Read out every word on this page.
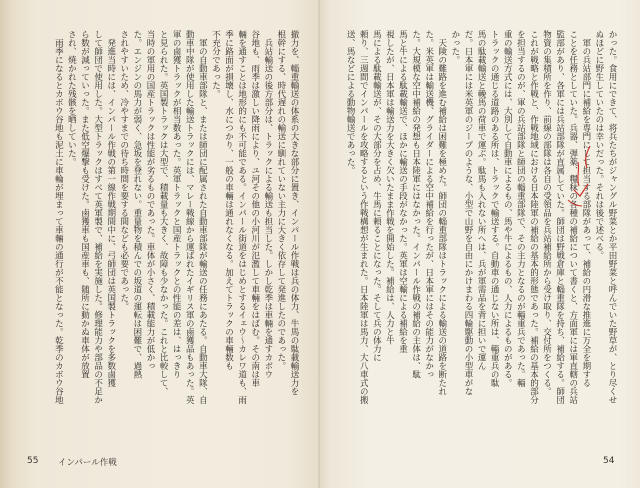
撤力を、輜重輸送の体系の大きな部分に置き、インパール作戦は兵の体力、牛馬の駄載輸送力を
根幹にする、時代遅れの輸送に馴れていない主力に大きく依存して発進したのであった。
　兵站輸送の後方部分は、トラックによる輸送も担当した。しかし乾季は車輛を通すカボウ
谷地も、雨季は激しい降雨により、ユ河その他の小河川が氾濫して車輛をはばむ。その南は車
輛を通すことは地形的にも不可能である。インパール街道をはじめとするイェウ〜カレワ道も、雨
季に路面が損壊し、水につかり、一般の車輛は通れなくなる。加えてトラックの車輛数も
不充分であった。
　軍の自動車部隊と、または師団に配属された自動車部隊が輸送の任務にあたる。自動車大隊、自
動車中隊が使用した輸送トラックには、マレー戦線から運ばれたイギリス軍の鹵獲品もあった。英
軍の鹵獲トラックが相当数あった。英軍トラックと国産トラックとの性能の差は、はっきり
と見られた。英国製トラックは大型で、積載量も大きく、故障も少なかった。これと比較して、
当時の軍用の国産トラックは性能が劣るものであった。車体が小さく、積載能力が低かっ
た。エンジンの馬力が弱く、急坂を登れない。重量物を積んでの坂道の運転は困難で、過熱
されやすいため、冷やすまでの待ち時間を要する間なども必要であった。
　発進当時には、インパール作戦の第一線作戦期間中に、弓師団は英国製トラックを多数鹵獲
して師団で使用した。大型トラックはすべて英軍製で、補給を実施した。修理能力や部品の不足か
ら数が減っていった。また低空爆撃も受けた。鹵獲車も国産車も、随所に動かぬ車体が放置
され、焼かれた残骸を晒していた。
　雨季になるとカボウ谷地も泥土に車輪が埋まって車輛の通行が不能となった。乾季のカボウ谷地	かった。食用にできて、将兵たちがジャングル野菜とか平田野菜と呼んでいた野草が、とり尽くせ
ぬほどに野生していたのは幸いだった。それは後で述べる。
　軍の兵站部門に補給を専門にして担当する部隊があって、補給の円滑な推進に万全を期する
ことを任務としていた。兵器、弾薬、糧秣の各種の補給について書くと、方面軍には軍直轄の兵站
監部があり、各軍には兵站部隊が直属していた。師団は野戦倉庫と輜重隊を持ち、補給する。師団
物資の集積所を作り、前線の部隊は各自の受領品を兵站補給所から受け取り、交付所をつくる。
これが戦略と作戦と、作戦地域における日本陸軍の補給の基本的形態であった。補給の基本的部分
を担当するのが、軍の兵站部隊と師団の輜重部隊で、その主力となるのが輜重兵であった。輜
重の輸送方式には、大別して自動車によるもの、馬や牛によるもの、人力によるものがある。
トラックの通じる道路のある所は、トラックで輸送する。自動車の通じない所は、輜重兵の駄
馬の駄載輸送と輓馬の荷車で運ぶ。駄馬も入れない所へは、兵が軍需品を背に担いで運ん
だ。日本軍には米英軍のジープのような、小型で山野を自由にかけまわる四輪駆動の小型車がな
かった。
　天険の難路を進む補給は困難を極めた。師団の輜重部隊はトラックによる輸送の道路を断たれ
た。米英軍は輸送機、グライダーによる空中補給を行ったが、日本軍にはその能力がなかっ
た。大規模な空中補給の発想も日本陸軍にはなかった。インパール作戦の補給の主体は、駄
馬と牛による駄載輸送で、ほかに輸送の手段がなかった。英軍は空輸による補給を重
視したが、日本軍は輸送力を大きく欠いたまま作戦を開始した。補給は、人力と牛
馬による駄載輸送が、その大部分を占め、牛馬に頼ることになった。そして兵の体力に
頼り、三週間でインパールを攻略するという作戦構想が生まれた。日本陸軍は馬力、大八車式の搬
送、馬などによる動物輸送であった。
55 インパール作戦	54
